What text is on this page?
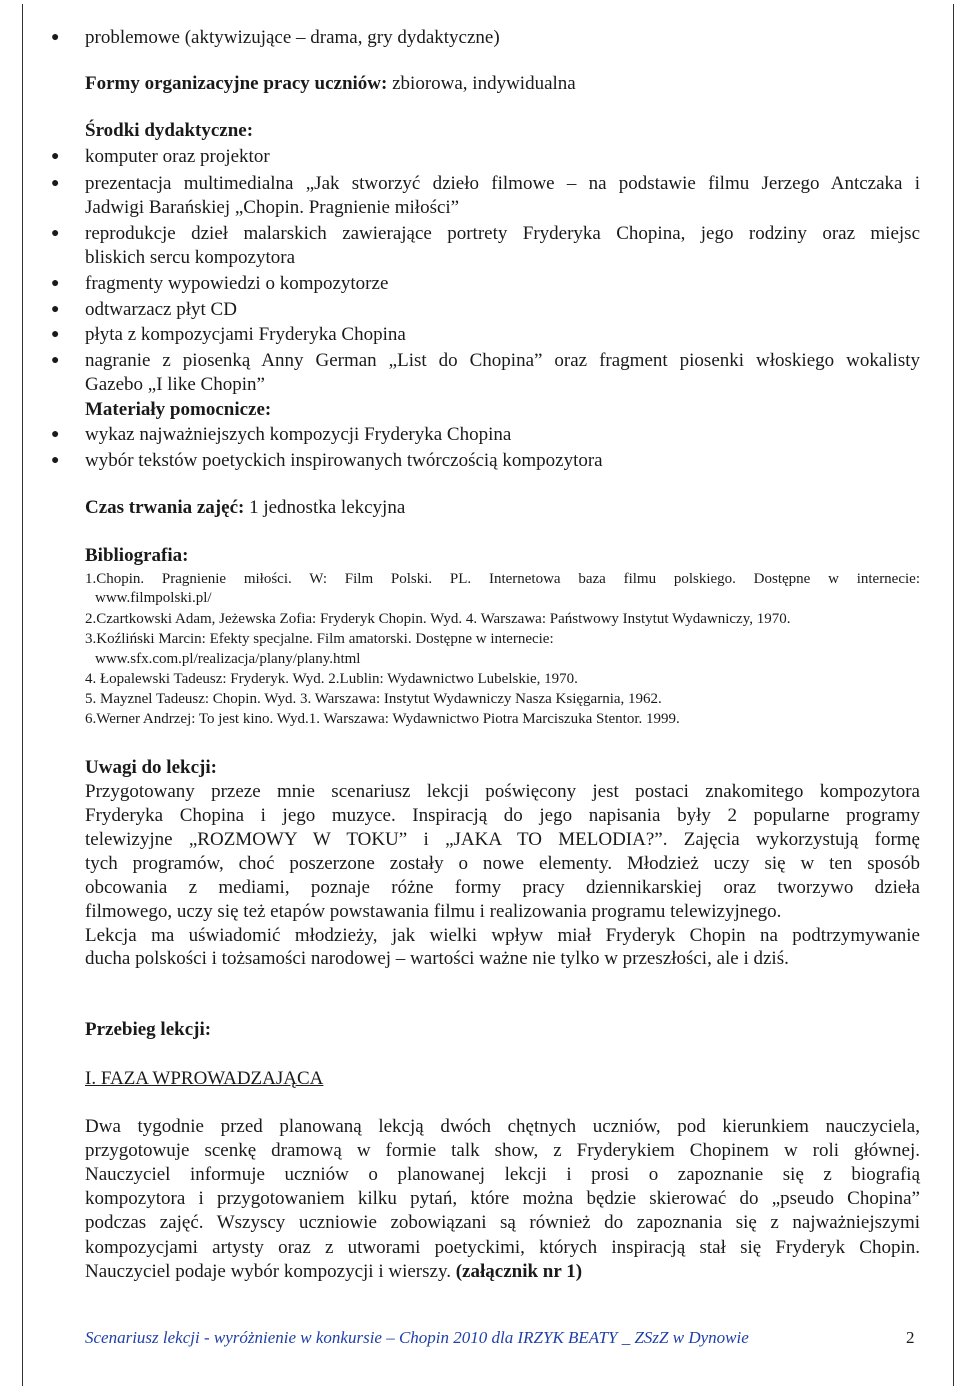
● problemowe (aktywizujące – drama, gry dydaktyczne)
Formy organizacyjne pracy uczniów: zbiorowa, indywidualna
Środki dydaktyczne:
● komputer oraz projektor
● prezentacja multimedialna „Jak stworzyć dzieło filmowe – na podstawie filmu Jerzego Antczaka i
Jadwigi Barańskiej „Chopin. Pragnienie miłości”
● reprodukcje dzieł malarskich zawierające portrety Fryderyka Chopina, jego rodziny oraz miejsc
bliskich sercu kompozytora
● fragmenty wypowiedzi o kompozytorze
● odtwarzacz płyt CD
● płyta z kompozycjami Fryderyka Chopina
● nagranie z piosenką Anny German „List do Chopina” oraz fragment piosenki włoskiego wokalisty
Gazebo „I like Chopin”
Materiały pomocnicze:
● wykaz najważniejszych kompozycji Fryderyka Chopina
● wybór tekstów poetyckich inspirowanych twórczością kompozytora
Czas trwania zajęć: 1 jednostka lekcyjna
Bibliografia:
1.Chopin. Pragnienie miłości. W: Film Polski. PL. Internetowa baza filmu polskiego. Dostępne w internecie:
www.filmpolski.pl/
2.Czartkowski Adam, Jeżewska Zofia: Fryderyk Chopin. Wyd. 4. Warszawa: Państwowy Instytut Wydawniczy, 1970.
3.Koźliński Marcin: Efekty specjalne. Film amatorski. Dostępne w internecie:
www.sfx.com.pl/realizacja/plany/plany.html
4. Łopalewski Tadeusz: Fryderyk. Wyd. 2.Lublin: Wydawnictwo Lubelskie, 1970.
5. Mayznel Tadeusz: Chopin. Wyd. 3. Warszawa: Instytut Wydawniczy Nasza Księgarnia, 1962.
6.Werner Andrzej: To jest kino. Wyd.1. Warszawa: Wydawnictwo Piotra Marciszuka Stentor. 1999.
Uwagi do lekcji:
Przygotowany przeze mnie scenariusz lekcji poświęcony jest postaci znakomitego kompozytora
Fryderyka Chopina i jego muzyce. Inspiracją do jego napisania były 2 popularne programy
telewizyjne „ROZMOWY W TOKU” i „JAKA TO MELODIA?”. Zajęcia wykorzystują formę
tych programów, choć poszerzone zostały o nowe elementy. Młodzież uczy się w ten sposób
obcowania z mediami, poznaje różne formy pracy dziennikarskiej oraz tworzywo dzieła
filmowego, uczy się też etapów powstawania filmu i realizowania programu telewizyjnego.
Lekcja ma uświadomić młodzieży, jak wielki wpływ miał Fryderyk Chopin na podtrzymywanie
ducha polskości i tożsamości narodowej – wartości ważne nie tylko w przeszłości, ale i dziś.
Przebieg lekcji:
I. FAZA WPROWADZAJĄCA
Dwa tygodnie przed planowaną lekcją dwóch chętnych uczniów, pod kierunkiem nauczyciela,
przygotowuje scenkę dramową w formie talk show, z Fryderykiem Chopinem w roli głównej.
Nauczyciel informuje uczniów o planowanej lekcji i prosi o zapoznanie się z biografią
kompozytora i przygotowaniem kilku pytań, które można będzie skierować do „pseudo Chopina”
podczas zajęć. Wszyscy uczniowie zobowiązani są również do zapoznania się z najważniejszymi
kompozycjami artysty oraz z utworami poetyckimi, których inspiracją stał się Fryderyk Chopin.
Nauczyciel podaje wybór kompozycji i wierszy. (załącznik nr 1)
Scenariusz lekcji - wyróżnienie w konkursie – Chopin 2010 dla IRZYK BEATY _ ZSzZ w Dynowie	2
